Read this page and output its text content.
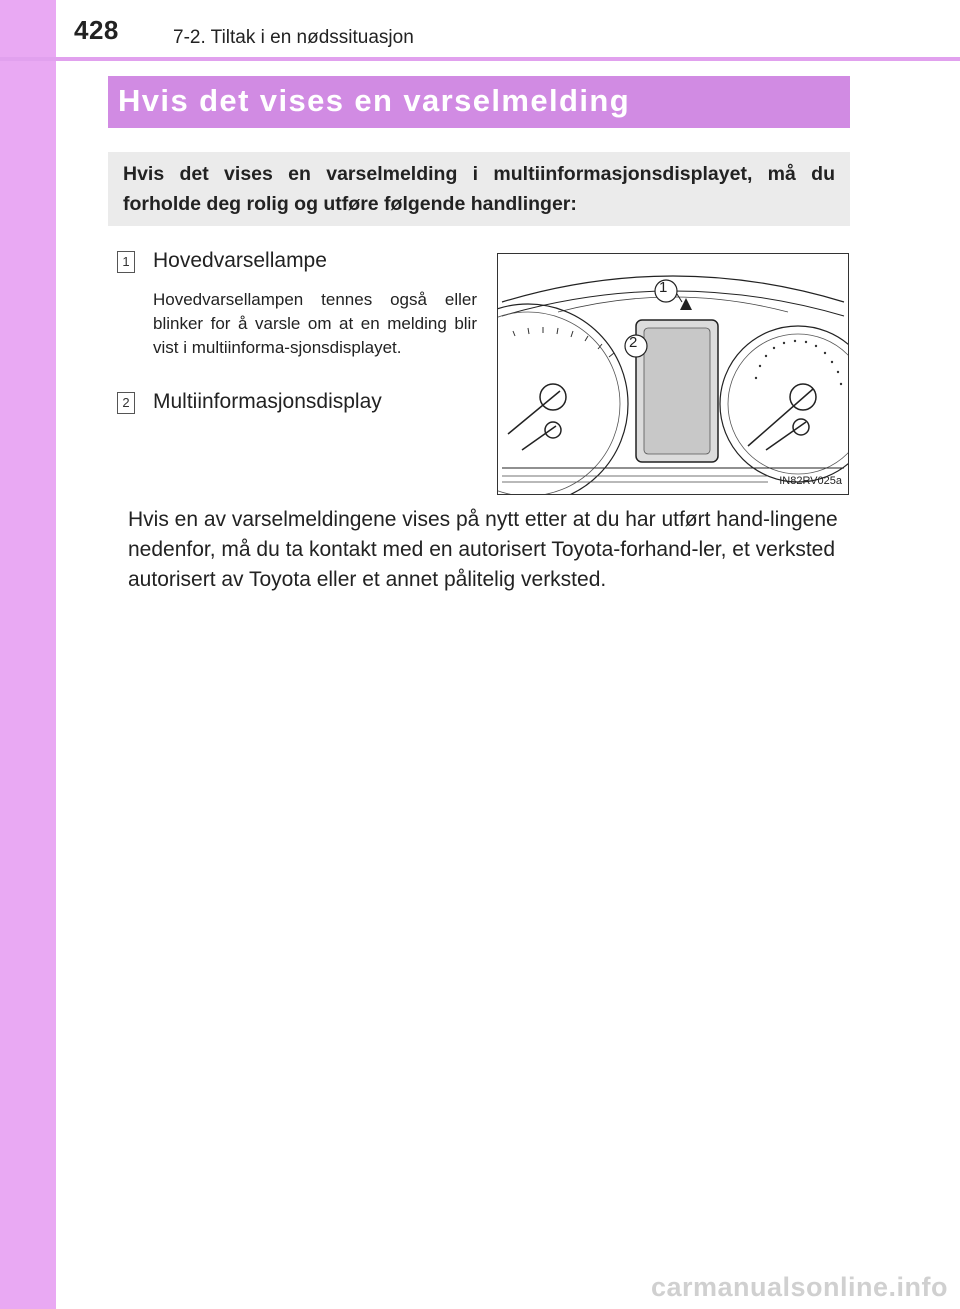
428	7-2. Tiltak i en nødssituasjon
Hvis det vises en varselmelding
Hvis det vises en varselmelding i multiinformasjonsdisplayet, må du forholde deg rolig og utføre følgende handlinger:
1 Hovedvarsellampe
Hovedvarsellampen tennes også eller blinker for å varsle om at en melding blir vist i multiinforma-sjonsdisplayet.
2 Multiinformasjonsdisplay
1
2
IN82RV025a
Hvis en av varselmeldingene vises på nytt etter at du har utført hand-lingene nedenfor, må du ta kontakt med en autorisert Toyota-forhand-ler, et verksted autorisert av Toyota eller et annet pålitelig verksted.
carmanualsonline.info
